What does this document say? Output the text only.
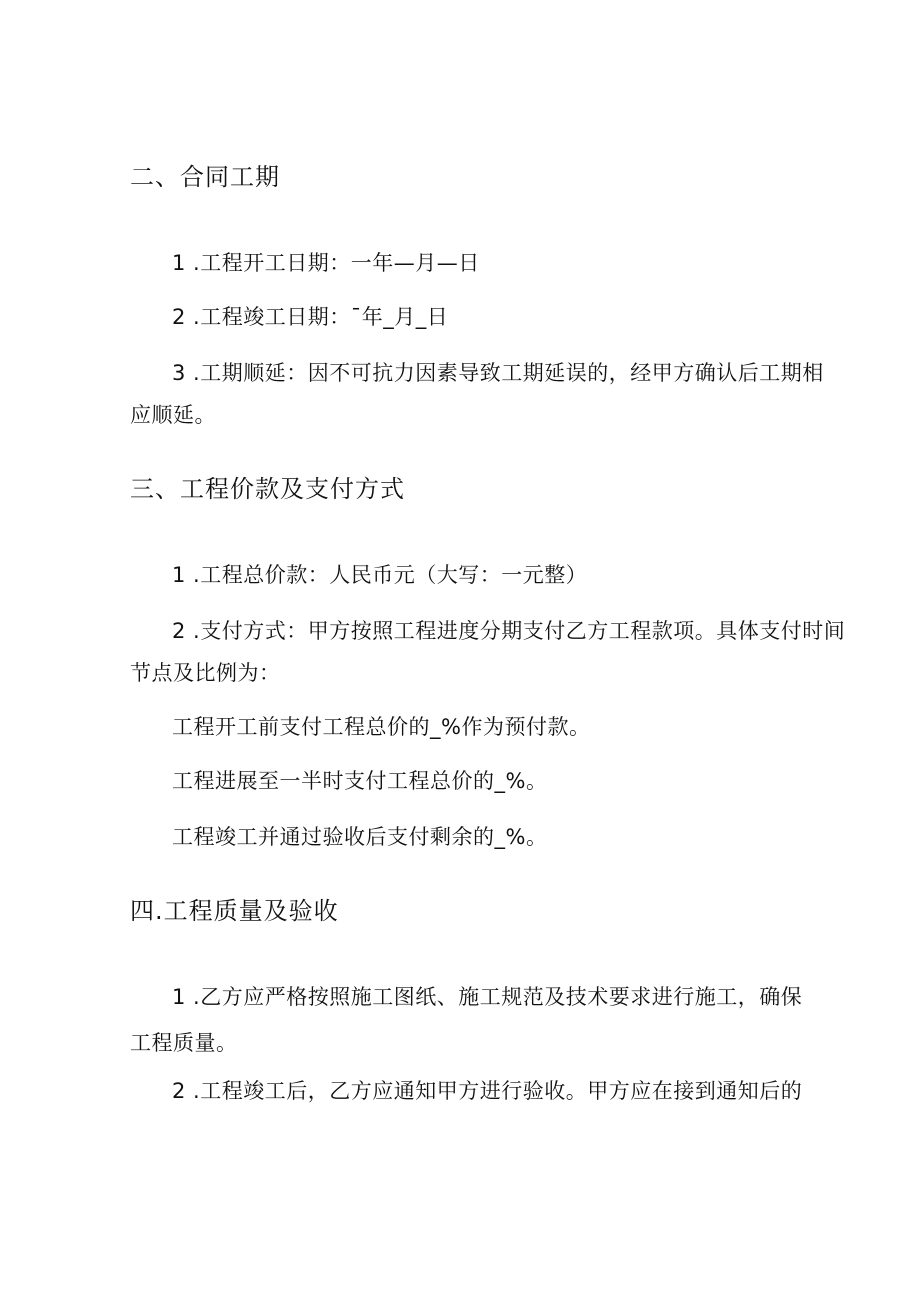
二、合同工期
1 .工程开工日期：一年—月—日
2 .工程竣工日期：¯年_月_日
3 .工期顺延：因不可抗力因素导致工期延误的，经甲方确认后工期相
应顺延。
三、工程价款及支付方式
1 .工程总价款：人民币元（大写：一元整）
2 .支付方式：甲方按照工程进度分期支付乙方工程款项。具体支付时间
节点及比例为：
工程开工前支付工程总价的_%作为预付款。
工程进展至一半时支付工程总价的_%。
工程竣工并通过验收后支付剩余的_%。
四.工程质量及验收
1 .乙方应严格按照施工图纸、施工规范及技术要求进行施工，确保
工程质量。
2 .工程竣工后，乙方应通知甲方进行验收。甲方应在接到通知后的
